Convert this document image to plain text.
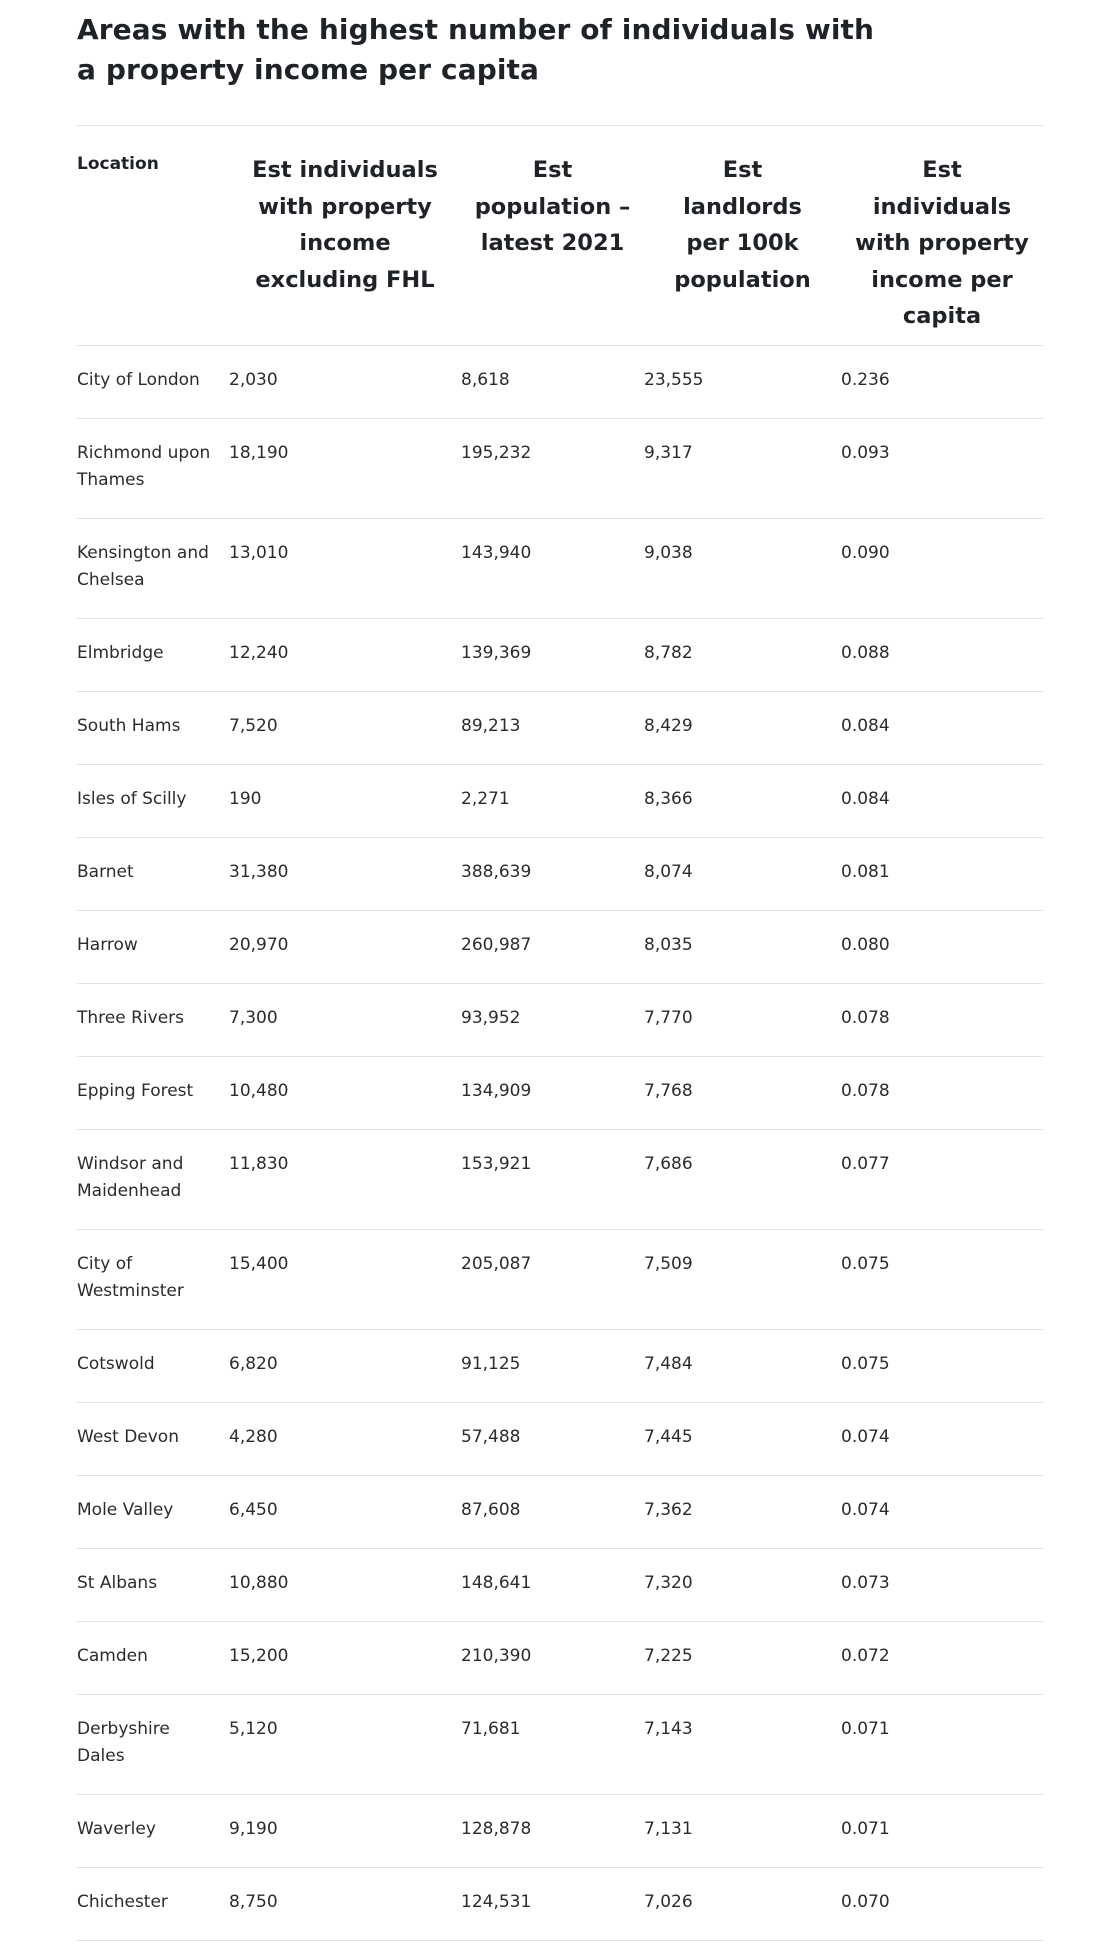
Areas with the highest number of individuals with a property income per capita
Location	Est individuals with property income excluding FHL	Est population – latest 2021	Est landlords per 100k population	Est individuals with property income per capita

City of London	2,030	8,618	23,555	0.236
Richmond upon Thames	18,190	195,232	9,317	0.093
Kensington and Chelsea	13,010	143,940	9,038	0.090
Elmbridge	12,240	139,369	8,782	0.088
South Hams	7,520	89,213	8,429	0.084
Isles of Scilly	190	2,271	8,366	0.084
Barnet	31,380	388,639	8,074	0.081
Harrow	20,970	260,987	8,035	0.080
Three Rivers	7,300	93,952	7,770	0.078
Epping Forest	10,480	134,909	7,768	0.078
Windsor and Maidenhead	11,830	153,921	7,686	0.077
City of Westminster	15,400	205,087	7,509	0.075
Cotswold	6,820	91,125	7,484	0.075
West Devon	4,280	57,488	7,445	0.074
Mole Valley	6,450	87,608	7,362	0.074
St Albans	10,880	148,641	7,320	0.073
Camden	15,200	210,390	7,225	0.072
Derbyshire Dales	5,120	71,681	7,143	0.071
Waverley	9,190	128,878	7,131	0.071
Chichester	8,750	124,531	7,026	0.070
